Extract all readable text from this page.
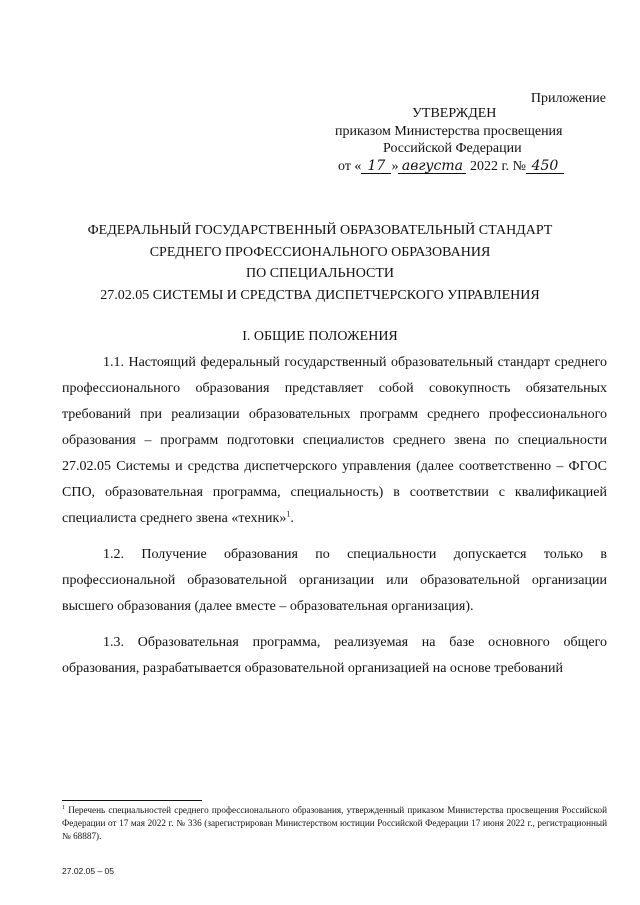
Приложение
УТВЕРЖДЕН
приказом Министерства просвещения
Российской Федерации
от « 17 » августа 2022 г. № 450
ФЕДЕРАЛЬНЫЙ ГОСУДАРСТВЕННЫЙ ОБРАЗОВАТЕЛЬНЫЙ СТАНДАРТ
СРЕДНЕГО ПРОФЕССИОНАЛЬНОГО ОБРАЗОВАНИЯ
ПО СПЕЦИАЛЬНОСТИ
27.02.05 СИСТЕМЫ И СРЕДСТВА ДИСПЕТЧЕРСКОГО УПРАВЛЕНИЯ
I. ОБЩИЕ ПОЛОЖЕНИЯ

1.1. Настоящий федеральный государственный образовательный стандарт среднего профессионального образования представляет собой совокупность обязательных требований при реализации образовательных программ среднего профессионального образования – программ подготовки специалистов среднего звена по специальности 27.02.05 Системы и средства диспетчерского управления (далее соответственно – ФГОС СПО, образовательная программа, специальность) в соответствии с квалификацией специалиста среднего звена «техник»$^1$.

1.2. Получение образования по специальности допускается только в профессиональной образовательной организации или образовательной организации высшего образования (далее вместе – образовательная организация).

1.3. Образовательная программа, реализуемая на базе основного общего образования, разрабатывается образовательной организацией на основе требований

$^1$ Перечень специальностей среднего профессионального образования, утвержденный приказом Министерства просвещения Российской Федерации от 17 мая 2022 г. № 336 (зарегистрирован Министерством юстиции Российской Федерации 17 июня 2022 г., регистрационный № 68887).
27.02.05 – 05
